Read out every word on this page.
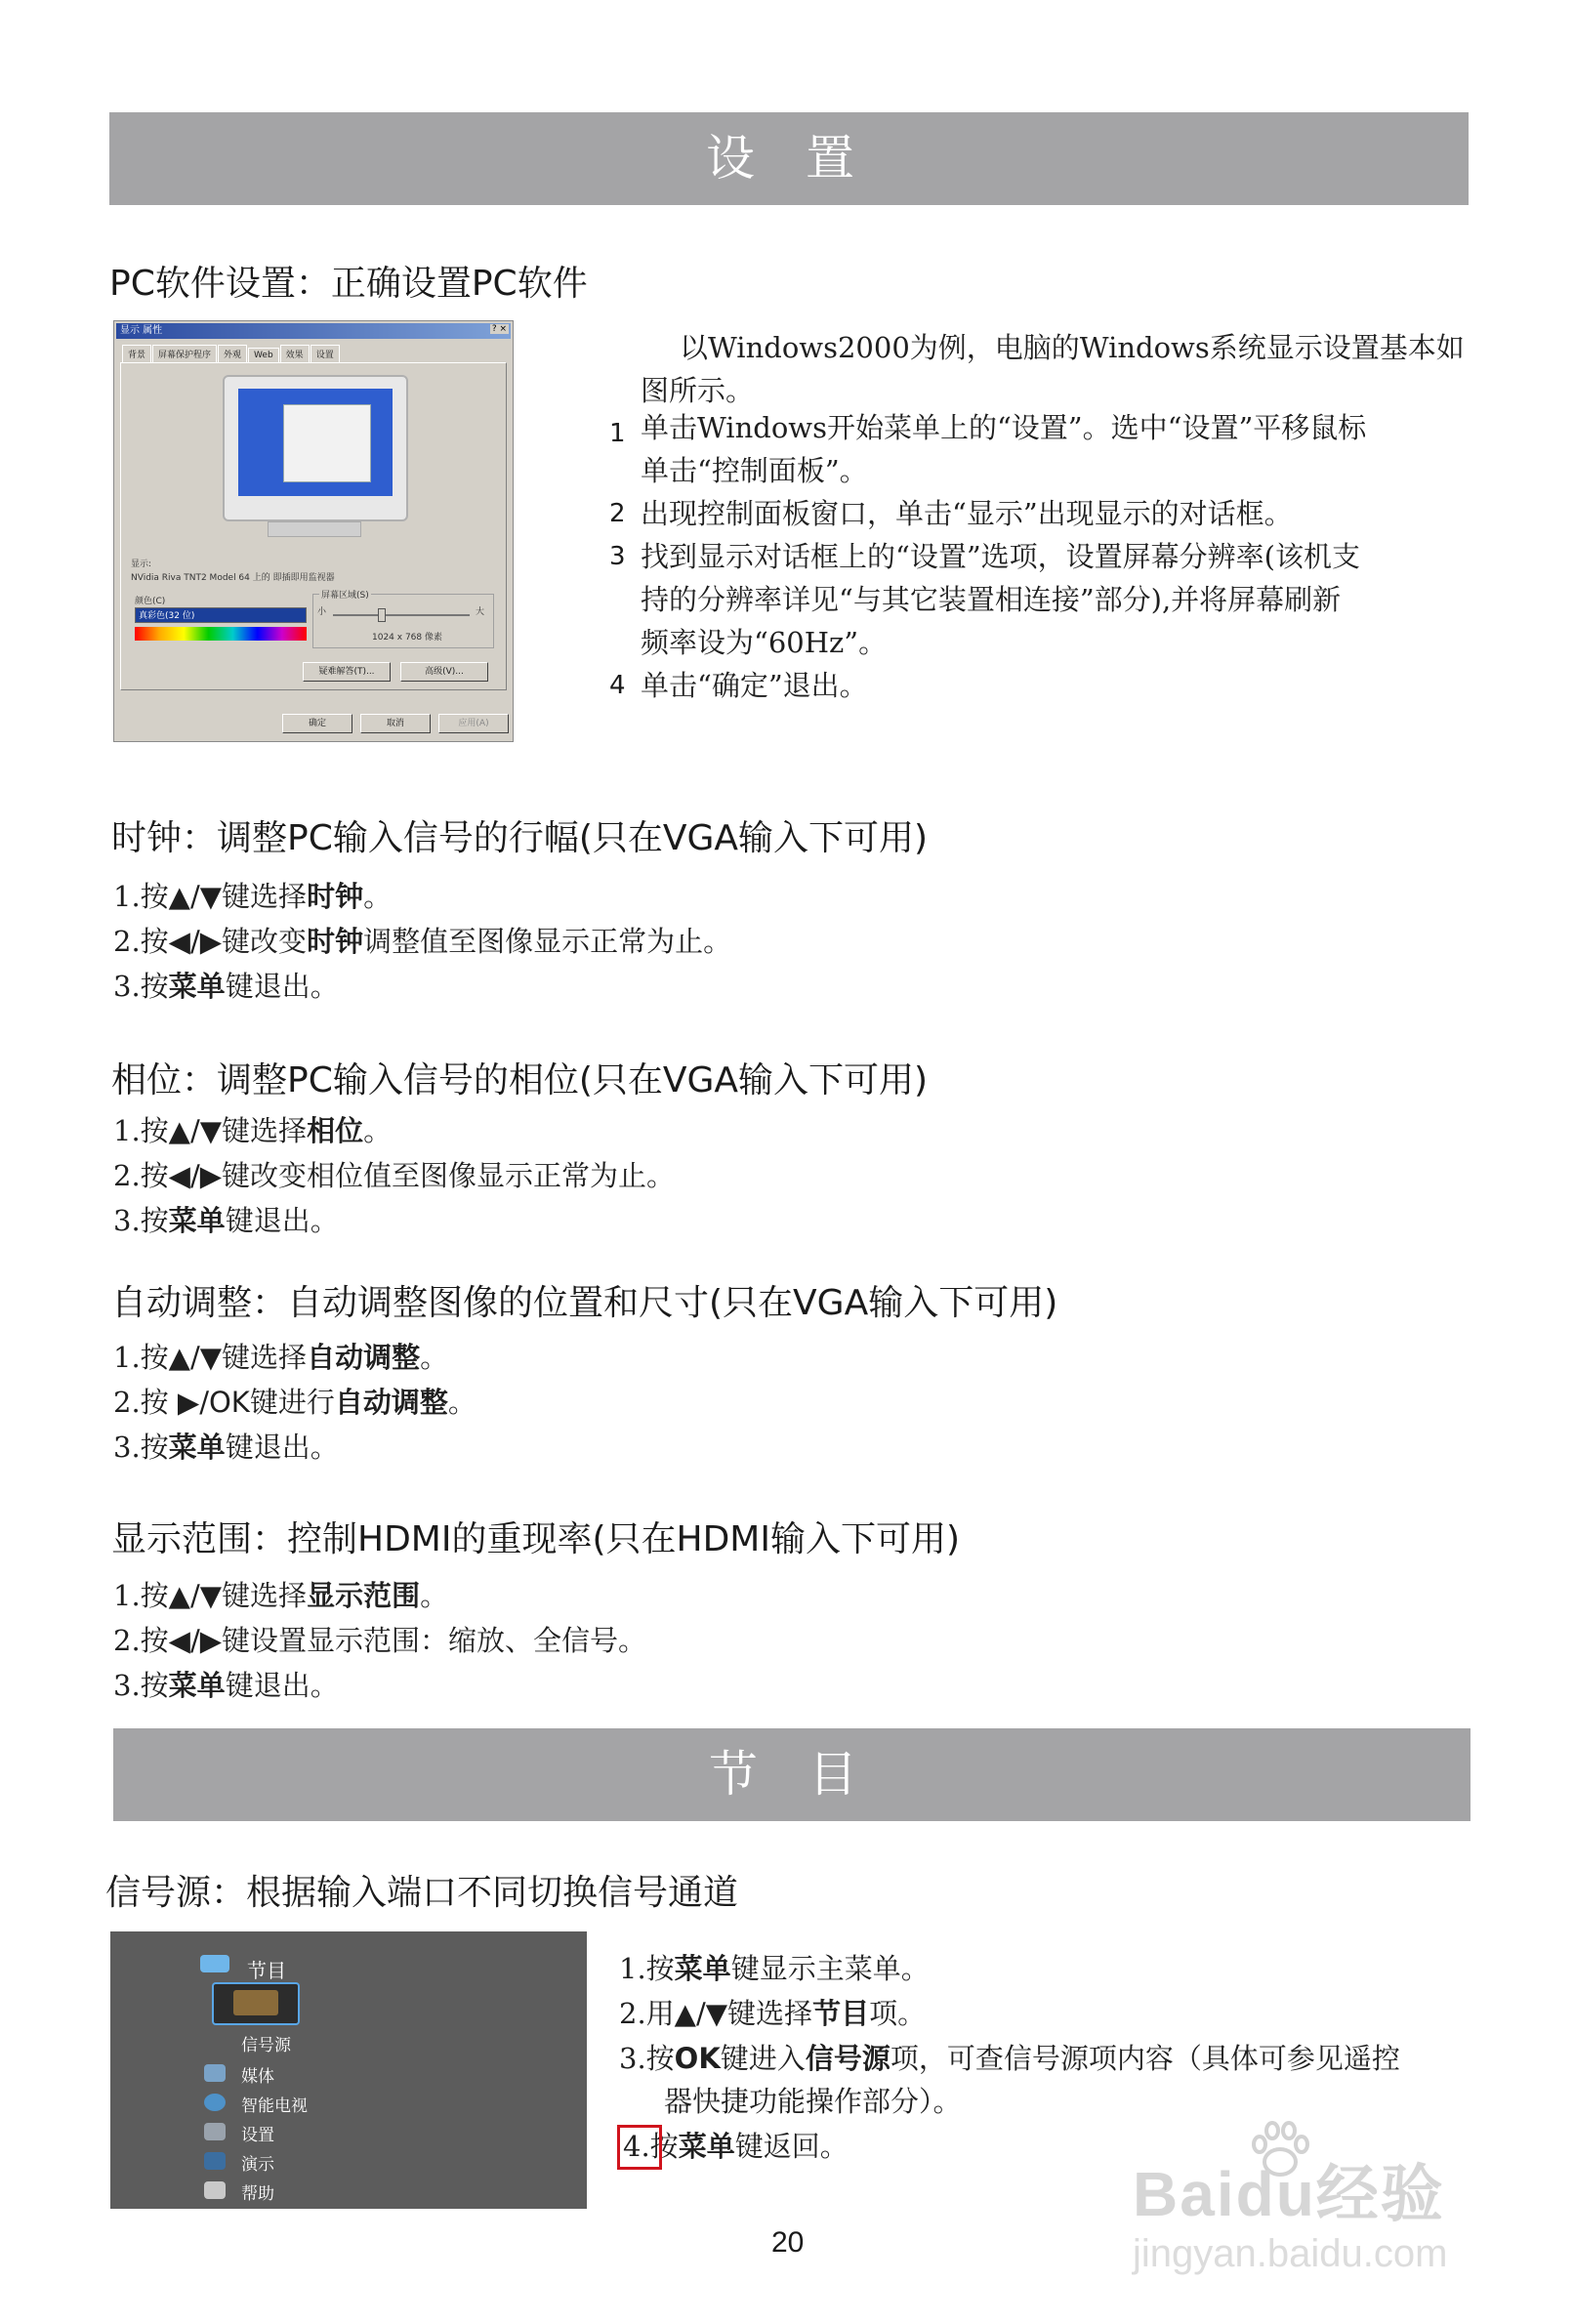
设 置
PC软件设置：正确设置PC软件
显示 属性	? ×
背景 屏幕保护程序 外观 Web 效果 设置
显示:
NVidia Riva TNT2 Model 64 上的 即插即用监视器
颜色(C)
真彩色(32 位)
屏幕区域(S)
小	大
1024 x 768 像素
疑难解答(T)...	高级(V)...
确定	取消	应用(A)
以Windows2000为例，电脑的Windows系统显示设置基本如
图所示。
1 单击Windows开始菜单上的“设置”。选中“设置”平移鼠标
单击“控制面板”。
2 出现控制面板窗口，单击“显示”出现显示的对话框。
3 找到显示对话框上的“设置”选项，设置屏幕分辨率(该机支
持的分辨率详见“与其它装置相连接”部分),并将屏幕刷新
频率设为“60Hz”。
4 单击“确定”退出。
时钟：调整PC输入信号的行幅(只在VGA输入下可用)
1.按▲/▼键选择时钟。
2.按◀/▶键改变时钟调整值至图像显示正常为止。
3.按菜单键退出。
相位：调整PC输入信号的相位(只在VGA输入下可用)
1.按▲/▼键选择相位。
2.按◀/▶键改变相位值至图像显示正常为止。
3.按菜单键退出。
自动调整：自动调整图像的位置和尺寸(只在VGA输入下可用)
1.按▲/▼键选择自动调整。
2.按 ▶/OK键进行自动调整。
3.按菜单键退出。
显示范围：控制HDMI的重现率(只在HDMI输入下可用)
1.按▲/▼键选择显示范围。
2.按◀/▶键设置显示范围：缩放、全信号。
3.按菜单键退出。
节 目
信号源：根据输入端口不同切换信号通道
节目
信号源
媒体
智能电视
设置
演示
帮助
1.按菜单键显示主菜单。
2.用▲/▼键选择节目项。
3.按OK键进入信号源项，可查信号源项内容（具体可参见遥控
器快捷功能操作部分）。
4.按菜单键返回。
Baidu经验
jingyan.baidu.com
20
